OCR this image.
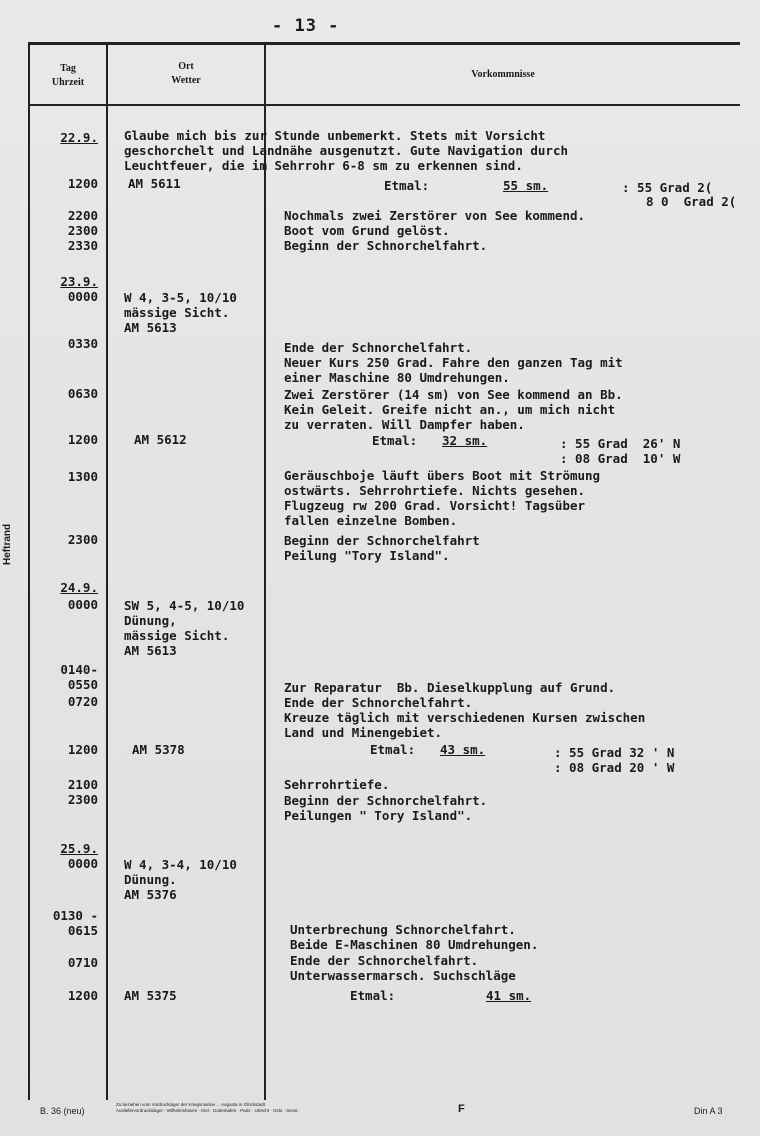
- 13 -
Heftrand
Tag
Uhrzeit
Ort
Wetter
Vorkommnisse
22.9. Glaube mich bis zur Stunde unbemerkt. Stets mit Vorsicht
geschorchelt und Landnähe ausgenutzt. Gute Navigation durch
Leuchtfeuer, die im Sehrrohr 6-8 sm zu erkennen sind.
1200 AM 5611	Etmal:	55 sm.	: 55 Grad 2(
8 0  Grad 2(
2200	Nochmals zwei Zerstörer von See kommend.
2300	Boot vom Grund gelöst.
2330	Beginn der Schnorchelfahrt.
23.9.
0000 W 4, 3-5, 10/10
mässige Sicht.
AM 5613
0330	Ende der Schnorchelfahrt.
Neuer Kurs 250 Grad. Fahre den ganzen Tag mit
einer Maschine 80 Umdrehungen.
0630	Zwei Zerstörer (14 sm) von See kommend an Bb.
Kein Geleit. Greife nicht an., um mich nicht
zu verraten. Will Dampfer haben.
1200	AM 5612	Etmal: 32 sm.	: 55 Grad  26' N
: 08 Grad  10' W
1300	Geräuschboje läuft übers Boot mit Strömung
ostwärts. Sehrrohrtiefe. Nichts gesehen.
Flugzeug rw 200 Grad. Vorsicht! Tagsüber
fallen einzelne Bomben.
2300	Beginn der Schnorchelfahrt
Peilung "Tory Island".
24.9.
0000 SW 5, 4-5, 10/10
Dünung,
mässige Sicht.
AM 5613
0140-
0550	Zur Reparatur  Bb. Dieselkupplung auf Grund.
0720	Ende der Schnorchelfahrt.
Kreuze täglich mit verschiedenen Kursen zwischen
Land und Minengebiet.
1200	AM 5378	Etmal: 43 sm.	: 55 Grad 32 ' N
: 08 Grad 20 ' W
2100	Sehrrohrtiefe.
2300	Beginn der Schnorchelfahrt.
Peilungen " Tory Island".
25.9.
0000 W 4, 3-4, 10/10
Dünung.
AM 5376
0130 -
0615	Unterbrechung Schnorchelfahrt.
Beide E-Maschinen 80 Umdrehungen.
0710	Ende der Schnorchelfahrt.
Unterwassermarsch. Suchschläge
1200 AM 5375	Etmal:	41 sm.
B. 36 (neu)
Zu beziehen vom Vordrucklager der Kriegsmarine ... Augusta in Glückstadt
Ausliefervordruckslager : Wilhelmshaven · Kiel · Gotenhafen · Paris · Utrecht · Oslo · Sevst.	F	Din A 3
